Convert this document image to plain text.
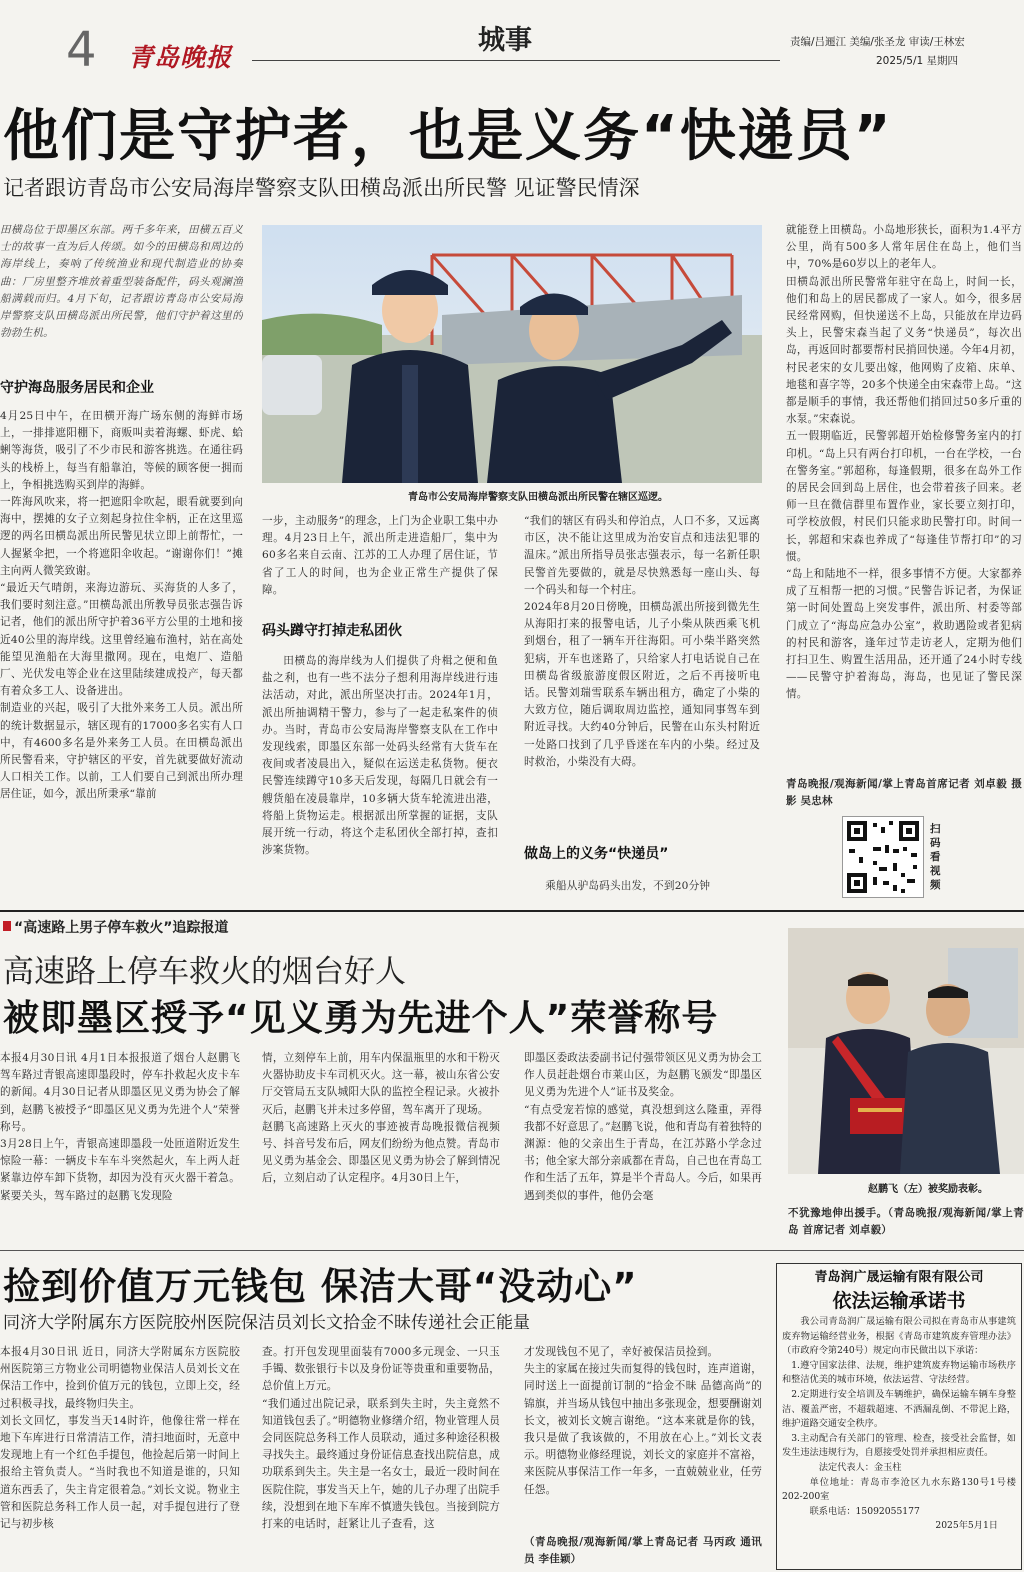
4 青岛晚报
城事	责编/吕逦江 美编/张圣龙 审读/王林宏
2025/5/1 星期四
他们是守护者，也是义务“快递员”
记者跟访青岛市公安局海岸警察支队田横岛派出所民警 见证警民情深
田横岛位于即墨区东部。两千多年来，田横五百义士的故事一直为后人传颂。如今的田横岛和周边的海岸线上，奏响了传统渔业和现代制造业的协奏曲：厂房里整齐堆放着重型装备配件，码头观澜渔船满载而归。4月下旬，记者跟访青岛市公安局海岸警察支队田横岛派出所民警，他们守护着这里的勃勃生机。
守护海岛服务居民和企业
4月25日中午，在田横开海广场东侧的海鲜市场上，一排排遮阳棚下，商贩叫卖着海螺、虾虎、蛤蜊等海货，吸引了不少市民和游客挑选。在通往码头的栈桥上，每当有船靠泊，等候的顾客便一拥而上，争相挑选购买到岸的海鲜。
一阵海风吹来，将一把遮阳伞吹起，眼看就要到向海中，摆摊的女子立刻起身拉住伞柄，正在这里巡逻的两名田横岛派出所民警见状立即上前帮忙，一人握紧伞把，一个将遮阳伞收起。“谢谢你们！”摊主向两人微笑致谢。
“最近天气晴朗，来海边游玩、买海货的人多了，我们要时刻注意。”田横岛派出所教导员张志强告诉记者，他们的派出所守护着36平方公里的土地和接近40公里的海岸线。这里曾经遍布渔村，站在高处能望见渔船在大海里撒网。现在，电炮厂、造船厂、光伏发电等企业在这里陆续建成投产，每天都有着众多工人、设备进出。
制造业的兴起，吸引了大批外来务工人员。派出所的统计数据显示，辖区现有的17000多名实有人口中，有4600多名是外来务工人员。在田横岛派出所民警看来，守护辖区的平安，首先就要做好流动人口相关工作。以前，工人们要自己到派出所办理居住证，如今，派出所秉承“靠前
青岛市公安局海岸警察支队田横岛派出所民警在辖区巡逻。
一步，主动服务”的理念，上门为企业职工集中办理。4月23日上午，派出所走进造船厂，集中为60多名来自云南、江苏的工人办理了居住证，节省了工人的时间，也为企业正常生产提供了保障。
码头蹲守打掉走私团伙
田横岛的海岸线为人们提供了舟楫之便和鱼盐之利，也有一些不法分子想利用海岸线进行违法活动，对此，派出所坚决打击。2024年1月，派出所抽调精干警力，参与了一起走私案件的侦办。当时，青岛市公安局海岸警察支队在工作中发现线索，即墨区东部一处码头经常有大货车在夜间或者凌晨出入，疑似在运送走私货物。便衣民警连续蹲守10多天后发现，每隔几日就会有一艘货船在凌晨靠岸，10多辆大货车轮流进出港，将船上货物运走。根据派出所掌握的证据，支队展开统一行动，将这个走私团伙全部打掉，查扣涉案货物。
“我们的辖区有码头和停泊点，人口不多，又远离市区，决不能让这里成为治安盲点和违法犯罪的温床。”派出所指导员张志强表示，每一名新任职民警首先要做的，就是尽快熟悉每一座山头、每一个码头和每一个村庄。
2024年8月20日傍晚，田横岛派出所接到微先生从海阳打来的报警电话，儿子小柴从陕西乘飞机到烟台，租了一辆车开往海阳。可小柴半路突然犯病，开车也迷路了，只给家人打电话说自己在田横岛省级旅游度假区附近，之后不再接听电话。民警刘瑞雪联系车辆出租方，确定了小柴的大致方位，随后调取周边监控，通知同事驾车到附近寻找。大约40分钟后，民警在山东头村附近一处路口找到了几乎昏迷在车内的小柴。经过及时救治，小柴没有大碍。
做岛上的义务“快递员”
乘船从驴岛码头出发，不到20分钟
就能登上田横岛。小岛地形狭长，面积为1.4平方公里，尚有500多人常年居住在岛上，他们当中，70%是60岁以上的老年人。
田横岛派出所民警常年驻守在岛上，时间一长，他们和岛上的居民都成了一家人。如今，很多居民经常网购，但快递送不上岛，只能放在岸边码头上，民警宋森当起了义务“快递员”，每次出岛，再返回时都要帮村民捎回快递。今年4月初，村民老宋的女儿要出嫁，他网购了皮箱、床单、地毯和喜字等，20多个快递全由宋森带上岛。“这都是顺手的事情，我还帮他们捎回过50多斤重的水泵。”宋森说。
五一假期临近，民警郭超开始检修警务室内的打印机。“岛上只有两台打印机，一台在学校，一台在警务室。”郭超称，每逢假期，很多在岛外工作的居民会回到岛上居住，也会带着孩子回来。老师一旦在微信群里布置作业，家长要立刻打印，可学校放假，村民们只能求助民警打印。时间一长，郭超和宋森也养成了“每逢佳节帮打印”的习惯。
“岛上和陆地不一样，很多事情不方便。大家都养成了互相帮一把的习惯。”民警告诉记者，为保证第一时间处置岛上突发事件，派出所、村委等部门成立了“海岛应急办公室”，救助遇险或者犯病的村民和游客，逢年过节走访老人，定期为他们打扫卫生、购置生活用品，还开通了24小时专线——民警守护着海岛，海岛，也见证了警民深情。
青岛晚报/观海新闻/掌上青岛首席记者 刘卓毅 摄影 吴忠林
扫码看视频
“高速路上男子停车救火”追踪报道
高速路上停车救火的烟台好人
被即墨区授予“见义勇为先进个人”荣誉称号
本报4月30日讯 4月1日本报报道了烟台人赵鹏飞驾车路过青银高速即墨段时，停车扑救起火皮卡车的新闻。4月30日记者从即墨区见义勇为协会了解到，赵鹏飞被授予“即墨区见义勇为先进个人”荣誉称号。
3月28日上午，青银高速即墨段一处匝道附近发生惊险一幕：一辆皮卡车车斗突然起火，车上两人赶紧靠边停车卸下货物，却因为没有灭火器干着急。紧要关头，驾车路过的赵鹏飞发现险
情，立刻停车上前，用车内保温瓶里的水和干粉灭火器协助皮卡车司机灭火。这一幕，被山东省公安厅交管局五支队城阳大队的监控全程记录。火被扑灭后，赵鹏飞并未过多停留，驾车离开了现场。
赵鹏飞高速路上灭火的事迹被青岛晚报微信视频号、抖音号发布后，网友们纷纷为他点赞。青岛市见义勇为基金会、即墨区见义勇为协会了解到情况后，立刻启动了认定程序。4月30日上午，
即墨区委政法委副书记付强带领区见义勇为协会工作人员赶赴烟台市莱山区，为赵鹏飞颁发“即墨区见义勇为先进个人”证书及奖金。
“有点受宠若惊的感觉，真没想到这么隆重，弄得我都不好意思了。”赵鹏飞说，他和青岛有着独特的渊源：他的父亲出生于青岛，在江苏路小学念过书；他全家大部分亲戚都在青岛，自己也在青岛工作和生活了五年，算是半个青岛人。今后，如果再遇到类似的事件，他仍会毫
赵鹏飞（左）被奖励表彰。
不犹豫地伸出援手。（青岛晚报/观海新闻/掌上青岛 首席记者 刘卓毅）
捡到价值万元钱包 保洁大哥“没动心”
同济大学附属东方医院胶州医院保洁员刘长文拾金不昧传递社会正能量
本报4月30日讯 近日，同济大学附属东方医院胶州医院第三方物业公司明德物业保洁人员刘长文在保洁工作中，捡到价值万元的钱包，立即上交，经过积极寻找，最终物归失主。
刘长文回忆，事发当天14时许，他像往常一样在地下车库进行日常清洁工作，清扫地面时，无意中发现地上有一个红色手提包，他捡起后第一时间上报给主管负责人。“当时我也不知道是谁的，只知道东西丢了，失主肯定很着急。”刘长文说。物业主管和医院总务科工作人员一起，对手提包进行了登记与初步核
查。打开包发现里面装有7000多元现金、一只玉手镯、数张银行卡以及身份证等贵重和重要物品，总价值上万元。
“我们通过出院记录，联系到失主时，失主竟然不知道钱包丢了。”明德物业修缮介绍，物业管理人员会同医院总务科工作人员联动，通过多种途径积极寻找失主。最终通过身份证信息查找出院信息，成功联系到失主。失主是一名女士，最近一段时间在医院住院，事发当天上午，她的儿子办理了出院手续，没想到在地下车库不慎遗失钱包。当接到院方打来的电话时，赶紧让儿子查看，这
才发现钱包不见了，幸好被保洁员捡到。
失主的家属在接过失而复得的钱包时，连声道谢，同时送上一面提前订制的“拾金不昧 品德高尚”的锦旗，并当场从钱包中抽出多张现金，想要酬谢刘长文，被刘长文婉言谢绝。“这本来就是你的钱，我只是做了我该做的，不用放在心上。”刘长文表示。明德物业修经理说，刘长文的家庭并不富裕，来医院从事保洁工作一年多，一直兢兢业业，任劳任怨。
（青岛晚报/观海新闻/掌上青岛记者 马丙政 通讯员 李佳颖）
青岛润广晟运输有限有限公司
依法运输承诺书
我公司青岛润广晟运输有限公司拟在青岛市从事建筑废弃物运输经营业务，根据《青岛市建筑废弃管理办法》（市政府令第240号）规定向市民做出以下承诺：
1.遵守国家法律、法规，维护建筑废弃物运输市场秩序和整洁优美的城市环境，依法运营、守法经营。
2.定期进行安全培训及车辆维护，确保运输车辆车身整洁、覆盖严密，不超载超速、不洒漏乱倒、不带泥上路，维护道路交通安全秩序。
3.主动配合有关部门的管理、检查，接受社会监督，如发生违法违规行为，自愿接受处罚并承担相应责任。
法定代表人：金玉柱
单位地址：青岛市李沧区九水东路130号1号楼202-200室
联系电话：15092055177
2025年5月1日
